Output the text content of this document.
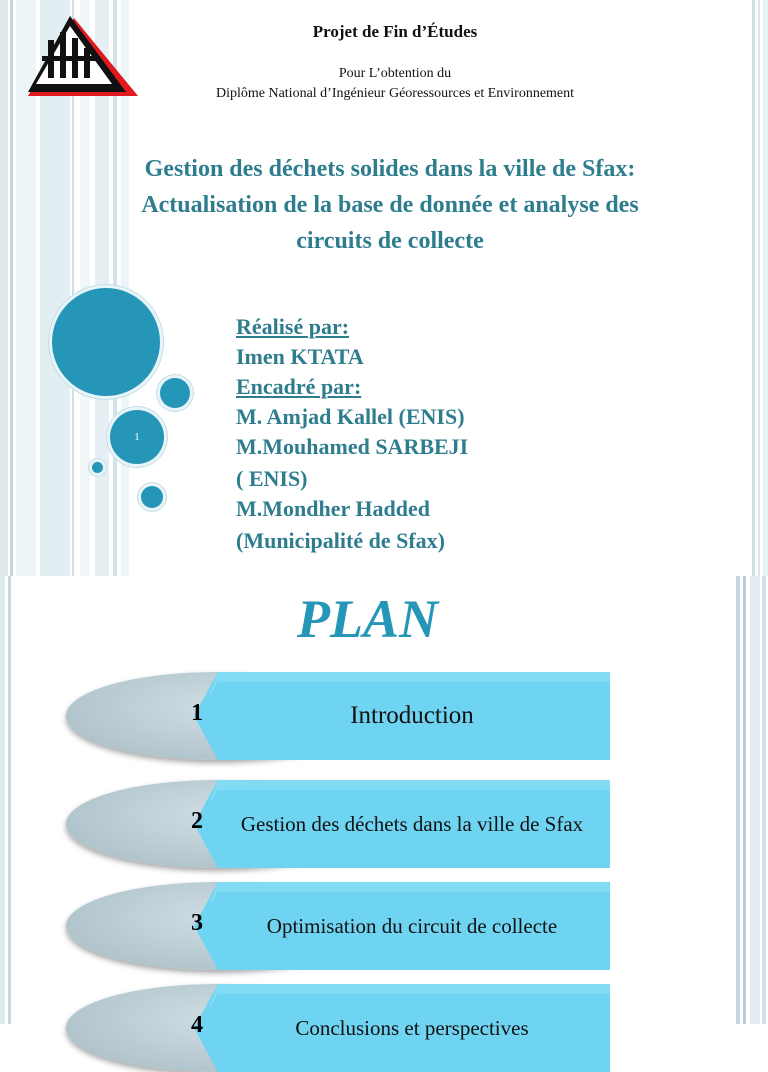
Projet de Fin d’Études
Pour L’obtention du
Diplôme National d’Ingénieur Géoressources et Environnement
Gestion des déchets solides dans la ville de Sfax:
Actualisation de la base de donnée et analyse des
circuits de collecte
1
Réalisé par:
Imen KTATA
Encadré par:
M. Amjad Kallel (ENIS)
M.Mouhamed SARBEJI
( ENIS)
M.Mondher Hadded
(Municipalité de Sfax)
PLAN
1	Introduction
2	Gestion des déchets dans la ville de Sfax
3	Optimisation du circuit de collecte
4	Conclusions et perspectives
